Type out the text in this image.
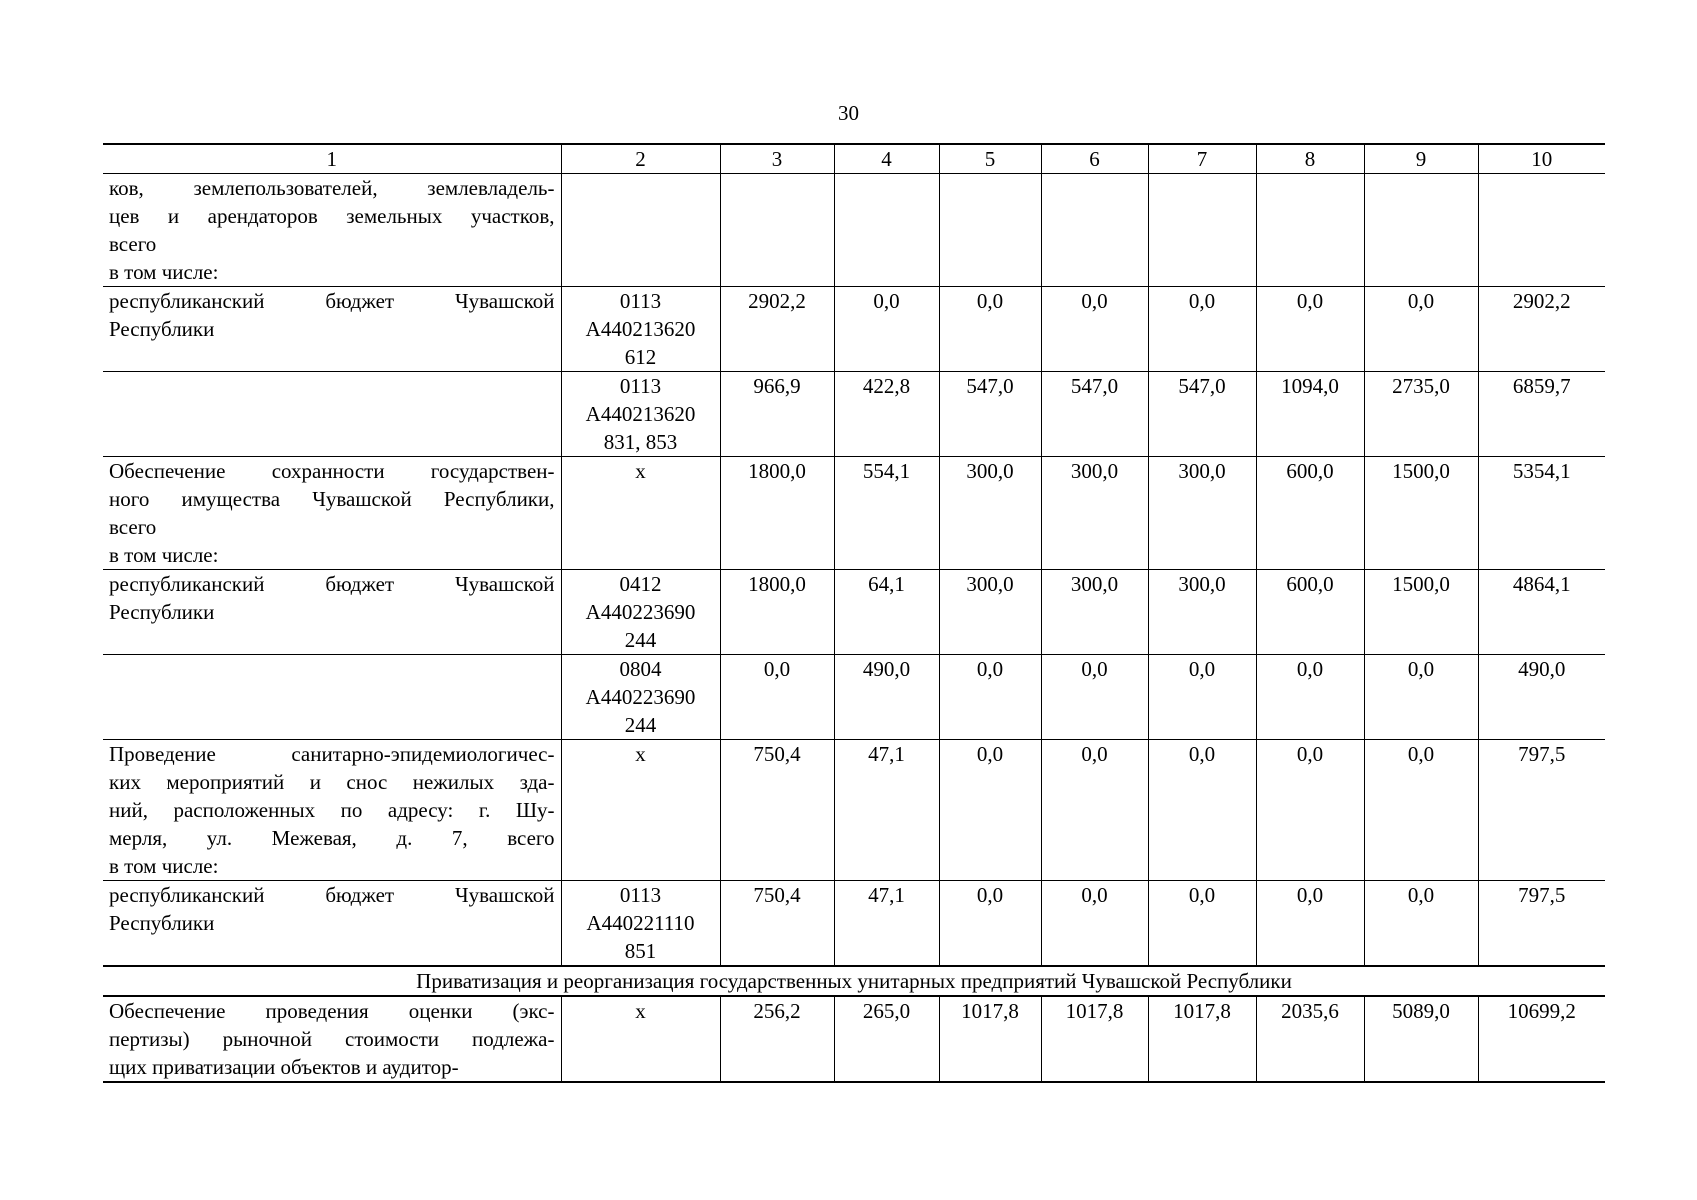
30
1	2	3	4	5	6	7	8	9	10

ков, землепользователей, землевладель-
цев и арендаторов земельных участков,
всего
в том числе:									

республиканский бюджет Чувашской
Республики	0113
А440213620
612	2902,2	0,0	0,0	0,0	0,0	0,0	0,0	2902,2

	0113
А440213620
831, 853	966,9	422,8	547,0	547,0	547,0	1094,0	2735,0	6859,7

Обеспечение сохранности государствен-
ного имущества Чувашской Республики,
всего
в том числе:	x	1800,0	554,1	300,0	300,0	300,0	600,0	1500,0	5354,1

республиканский бюджет Чувашской
Республики	0412
А440223690
244	1800,0	64,1	300,0	300,0	300,0	600,0	1500,0	4864,1

	0804
А440223690
244	0,0	490,0	0,0	0,0	0,0	0,0	0,0	490,0

Проведение санитарно-эпидемиологичес-
ких мероприятий и снос нежилых зда-
ний, расположенных по адресу: г. Шу-
мерля, ул. Межевая, д. 7, всего
в том числе:	x	750,4	47,1	0,0	0,0	0,0	0,0	0,0	797,5

республиканский бюджет Чувашской
Республики	0113
А440221110
851	750,4	47,1	0,0	0,0	0,0	0,0	0,0	797,5
Приватизация и реорганизация государственных унитарных предприятий Чувашской Республики									

Обеспечение проведения оценки (экс-
пертизы) рыночной стоимости подлежа-
щих приватизации объектов и аудитор-	x	256,2	265,0	1017,8	1017,8	1017,8	2035,6	5089,0	10699,2
